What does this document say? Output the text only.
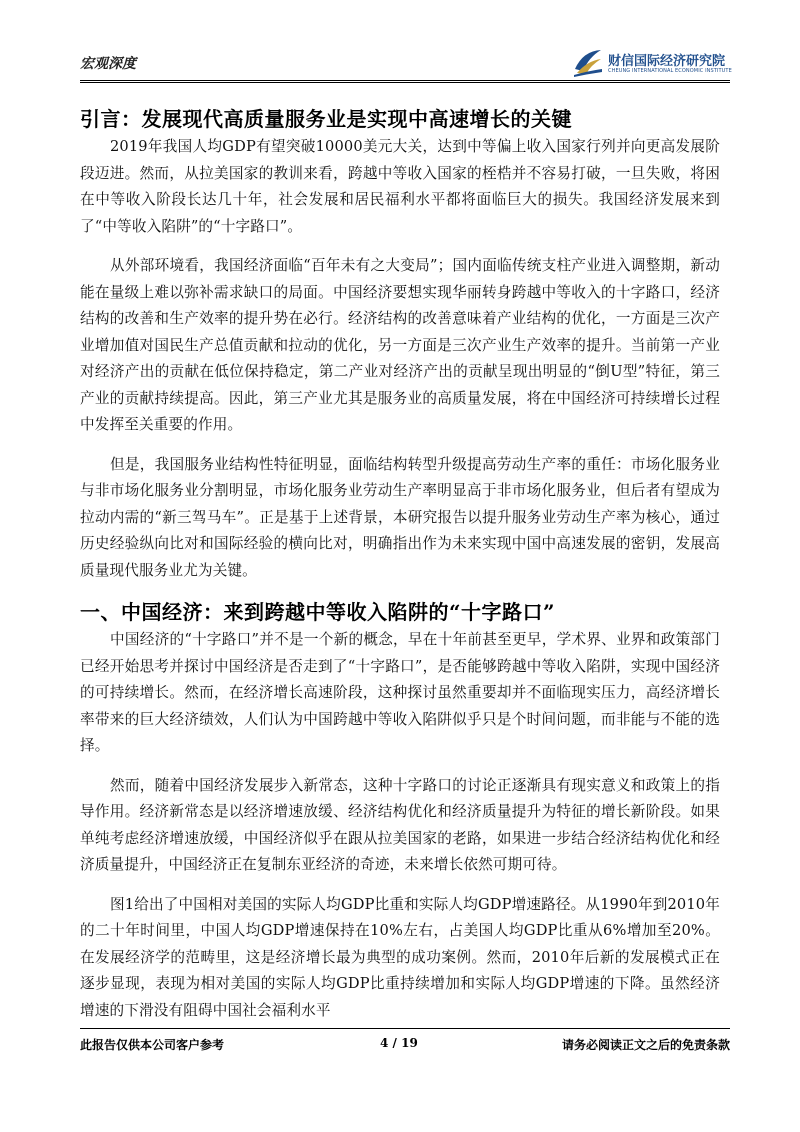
宏观深度	财信国际经济研究院
CHEUNG INTERNATIONAL ECONOMIC INSTITUTE
引言：发展现代高质量服务业是实现中高速增长的关键

2019年我国人均GDP有望突破10000美元大关，达到中等偏上收入国家行列并向更高发展阶段迈进。然而，从拉美国家的教训来看，跨越中等收入国家的桎梏并不容易打破，一旦失败，将困在中等收入阶段长达几十年，社会发展和居民福利水平都将面临巨大的损失。我国经济发展来到了“中等收入陷阱”的“十字路口”。

从外部环境看，我国经济面临“百年未有之大变局”；国内面临传统支柱产业进入调整期，新动能在量级上难以弥补需求缺口的局面。中国经济要想实现华丽转身跨越中等收入的十字路口，经济结构的改善和生产效率的提升势在必行。经济结构的改善意味着产业结构的优化，一方面是三次产业增加值对国民生产总值贡献和拉动的优化，另一方面是三次产业生产效率的提升。当前第一产业对经济产出的贡献在低位保持稳定，第二产业对经济产出的贡献呈现出明显的“倒U型”特征，第三产业的贡献持续提高。因此，第三产业尤其是服务业的高质量发展，将在中国经济可持续增长过程中发挥至关重要的作用。

但是，我国服务业结构性特征明显，面临结构转型升级提高劳动生产率的重任：市场化服务业与非市场化服务业分割明显，市场化服务业劳动生产率明显高于非市场化服务业，但后者有望成为拉动内需的“新三驾马车”。正是基于上述背景，本研究报告以提升服务业劳动生产率为核心，通过历史经验纵向比对和国际经验的横向比对，明确指出作为未来实现中国中高速发展的密钥，发展高质量现代服务业尤为关键。

一、中国经济：来到跨越中等收入陷阱的“十字路口”

中国经济的“十字路口”并不是一个新的概念，早在十年前甚至更早，学术界、业界和政策部门已经开始思考并探讨中国经济是否走到了“十字路口”，是否能够跨越中等收入陷阱，实现中国经济的可持续增长。然而，在经济增长高速阶段，这种探讨虽然重要却并不面临现实压力，高经济增长率带来的巨大经济绩效，人们认为中国跨越中等收入陷阱似乎只是个时间问题，而非能与不能的选择。

然而，随着中国经济发展步入新常态，这种十字路口的讨论正逐渐具有现实意义和政策上的指导作用。经济新常态是以经济增速放缓、经济结构优化和经济质量提升为特征的增长新阶段。如果单纯考虑经济增速放缓，中国经济似乎在跟从拉美国家的老路，如果进一步结合经济结构优化和经济质量提升，中国经济正在复制东亚经济的奇迹，未来增长依然可期可待。

图1给出了中国相对美国的实际人均GDP比重和实际人均GDP增速路径。从1990年到2010年的二十年时间里，中国人均GDP增速保持在10%左右，占美国人均GDP比重从6%增加至20%。在发展经济学的范畴里，这是经济增长最为典型的成功案例。然而，2010年后新的发展模式正在逐步显现，表现为相对美国的实际人均GDP比重持续增加和实际人均GDP增速的下降。虽然经济增速的下滑没有阻碍中国社会福利水平

此报告仅供本公司客户参考	4 / 19	请务必阅读正文之后的免责条款
